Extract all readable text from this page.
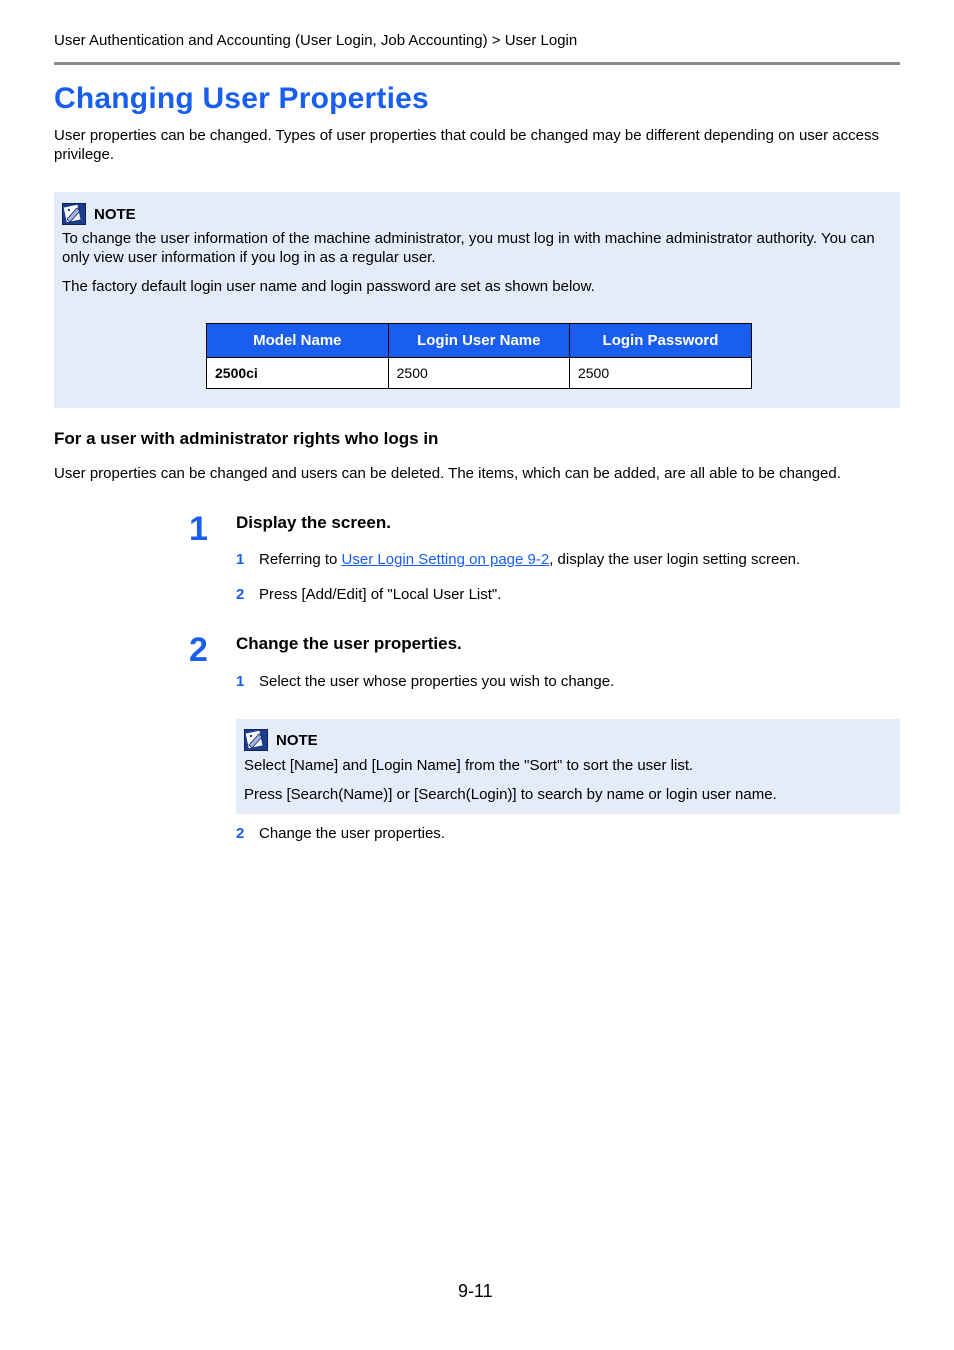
User Authentication and Accounting (User Login, Job Accounting) > User Login
Changing User Properties
User properties can be changed. Types of user properties that could be changed may be different depending on user access privilege.
NOTE
To change the user information of the machine administrator, you must log in with machine administrator authority. You can only view user information if you log in as a regular user.
The factory default login user name and login password are set as shown below.
Model Name	Login User Name	Login Password
2500ci	2500	2500
For a user with administrator rights who logs in
User properties can be changed and users can be deleted. The items, which can be added, are all able to be changed.
1 Display the screen.
1 Referring to User Login Setting on page 9-2, display the user login setting screen.
2 Press [Add/Edit] of "Local User List".
2 Change the user properties.
1 Select the user whose properties you wish to change.
NOTE
Select [Name] and [Login Name] from the "Sort" to sort the user list.
Press [Search(Name)] or [Search(Login)] to search by name or login user name.
2 Change the user properties.
9-11
